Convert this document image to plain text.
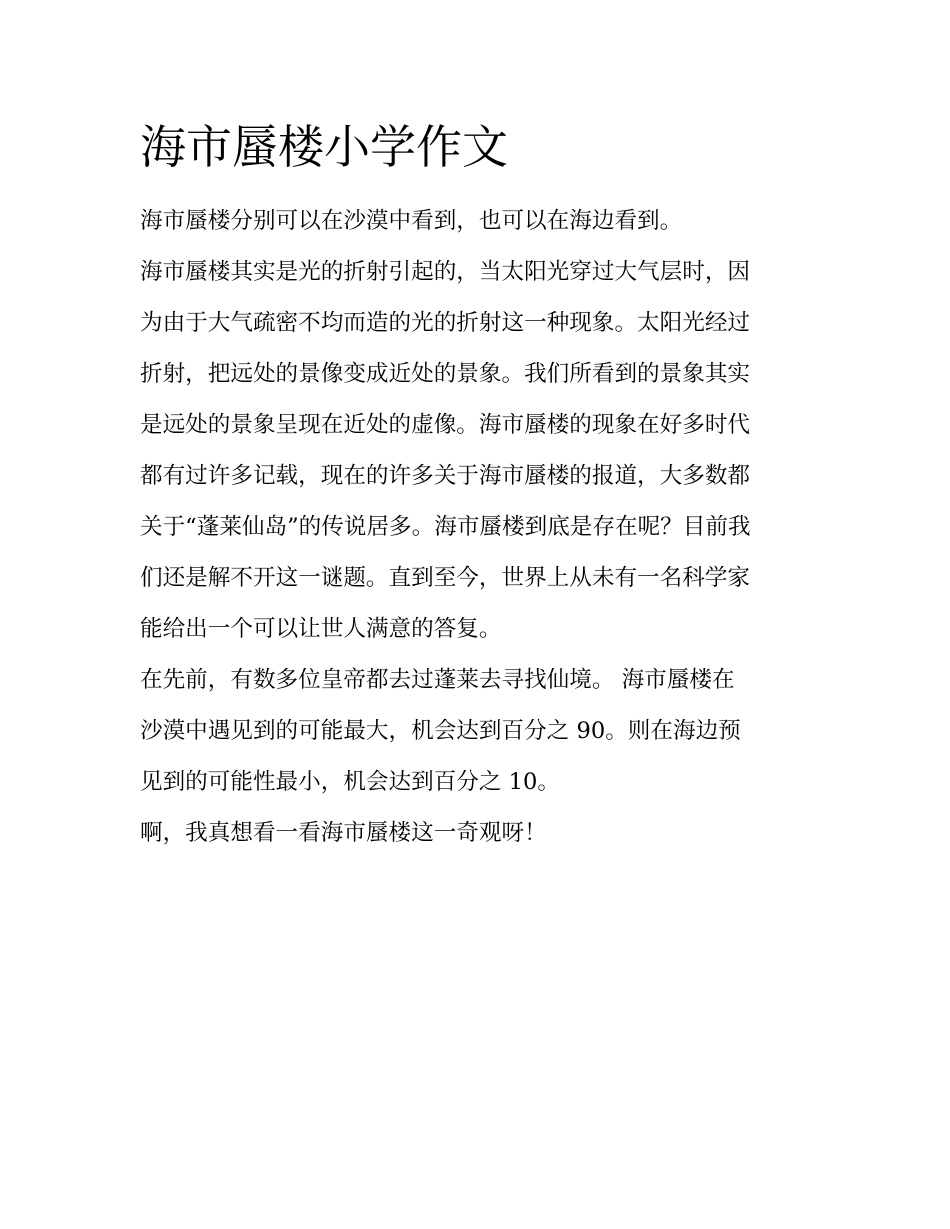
海市蜃楼小学作文

海市蜃楼分别可以在沙漠中看到，也可以在海边看到。

海市蜃楼其实是光的折射引起的，当太阳光穿过大气层时，因

为由于大气疏密不均而造的光的折射这一种现象。太阳光经过

折射，把远处的景像变成近处的景象。我们所看到的景象其实

是远处的景象呈现在近处的虚像。海市蜃楼的现象在好多时代

都有过许多记载，现在的许多关于海市蜃楼的报道，大多数都

关于“蓬莱仙岛”的传说居多。海市蜃楼到底是存在呢？目前我

们还是解不开这一谜题。直到至今，世界上从未有一名科学家

能给出一个可以让世人满意的答复。

在先前，有数多位皇帝都去过蓬莱去寻找仙境。 海市蜃楼在

沙漠中遇见到的可能最大，机会达到百分之 90。则在海边预

见到的可能性最小，机会达到百分之 10。

啊，我真想看一看海市蜃楼这一奇观呀！
